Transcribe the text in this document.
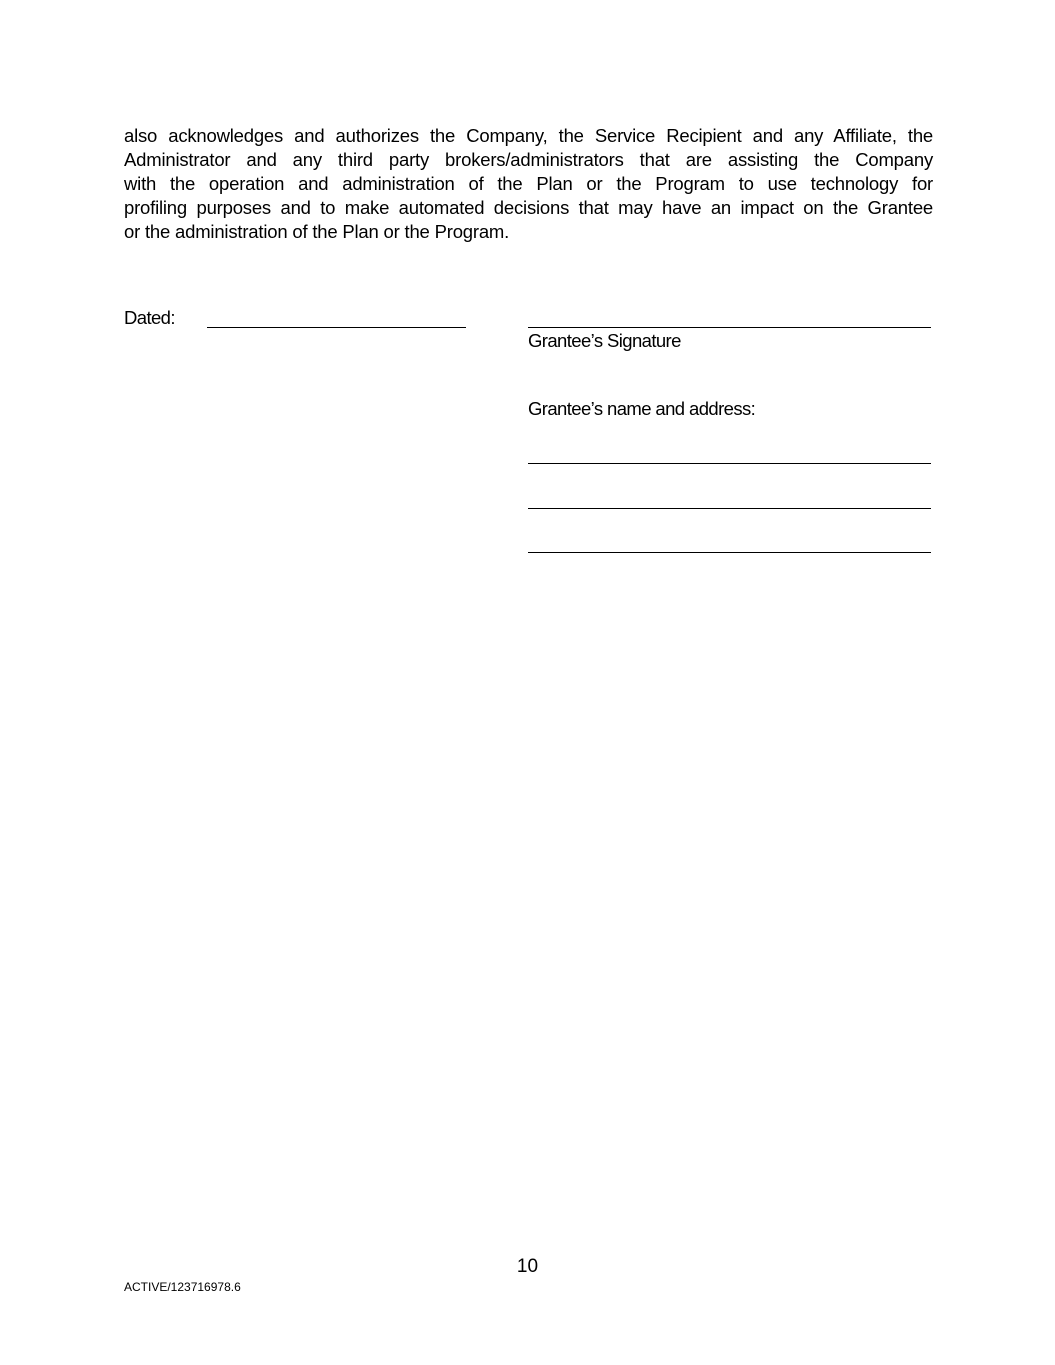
also acknowledges and authorizes the Company, the Service Recipient and any Affiliate, the
Administrator and any third party brokers/administrators that are assisting the Company
with the operation and administration of the Plan or the Program to use technology for
profiling purposes and to make automated decisions that may have an impact on the Grantee
or the administration of the Plan or the Program.
Dated:
Grantee’s Signature
Grantee’s name and address:
10
ACTIVE/123716978.6
